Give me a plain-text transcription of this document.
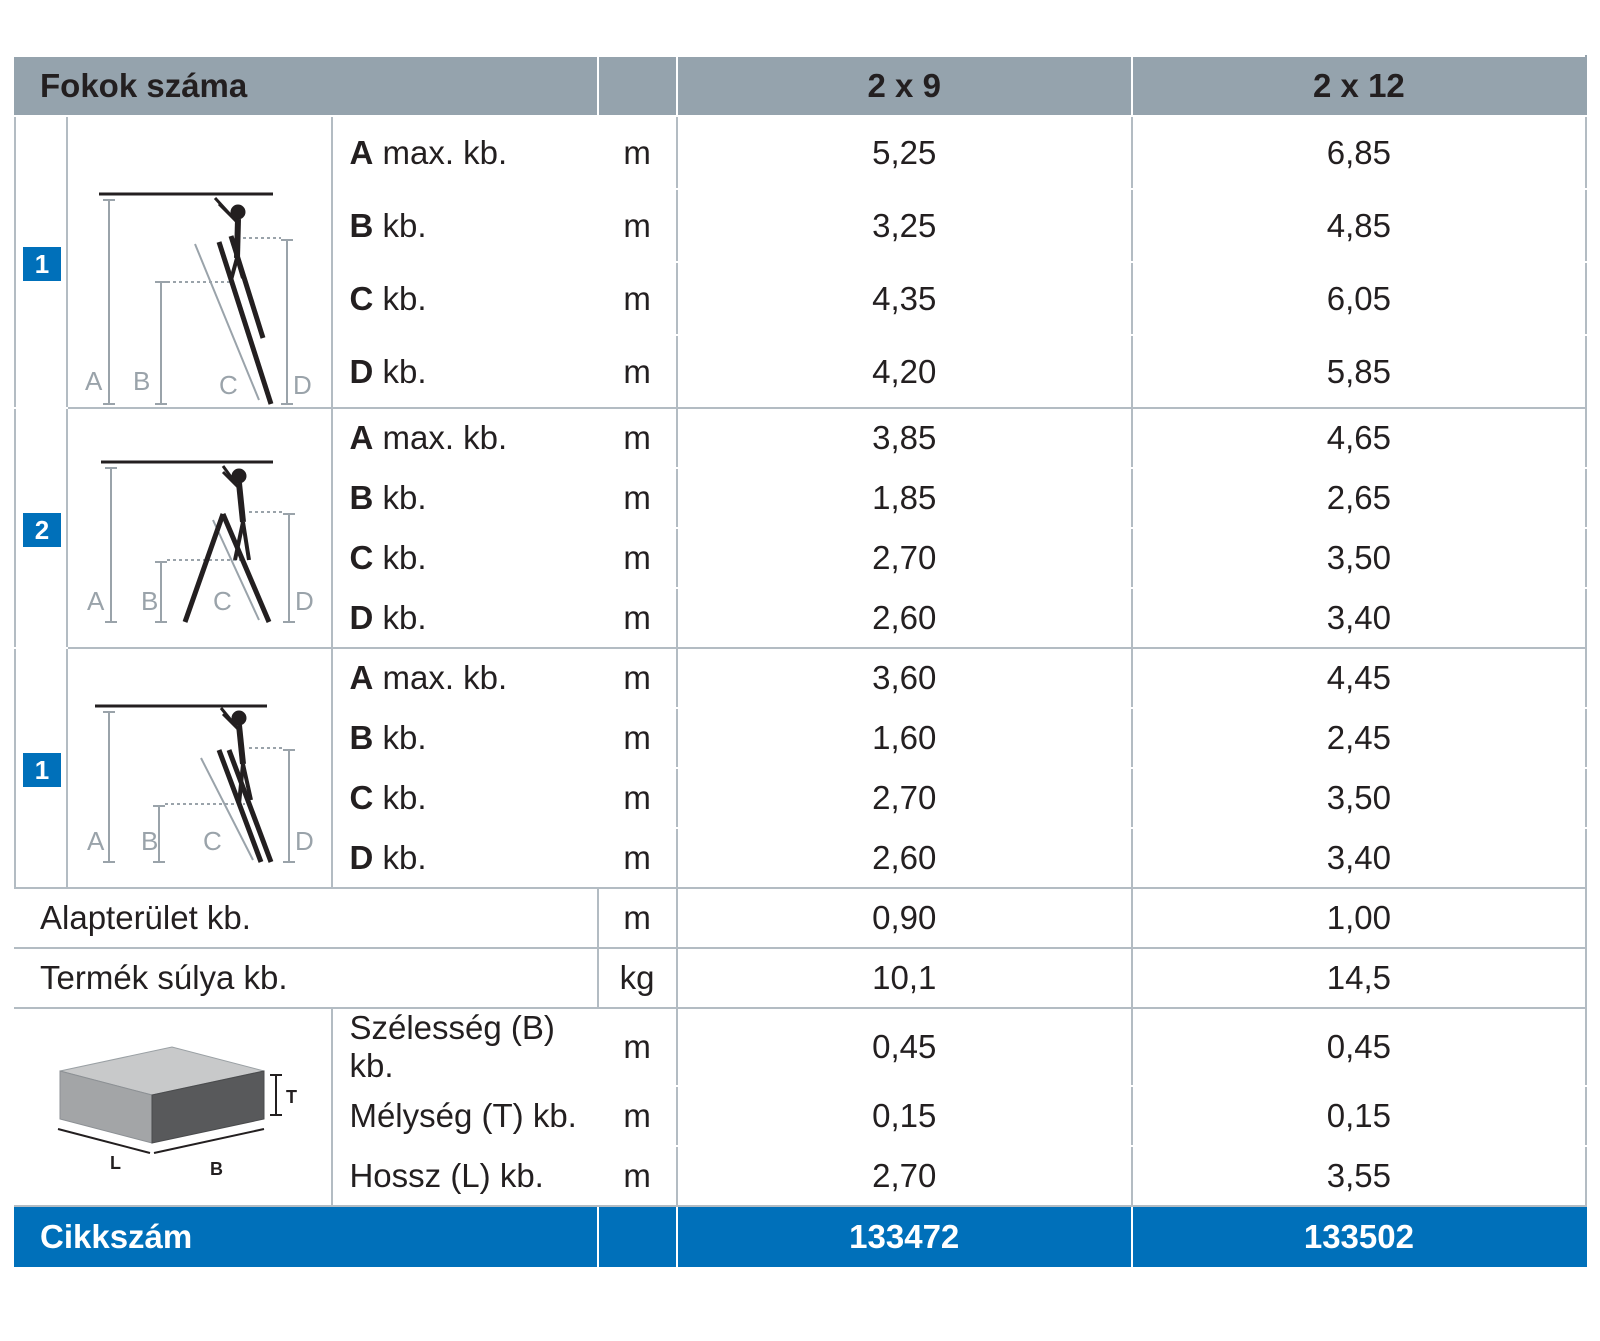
Fokok száma				2 x 9	2 x 12
1	A B C D	A max. kb.	m	5,25	6,85
		B kb.	m	3,25	4,85
		C kb.	m	4,35	6,05
		D kb.	m	4,20	5,85
2	A B C D	A max. kb.	m	3,85	4,65
		B kb.	m	1,85	2,65
		C kb.	m	2,70	3,50
		D kb.	m	2,60	3,40
1	A B C D	A max. kb.	m	3,60	4,45
		B kb.	m	1,60	2,45
		C kb.	m	2,70	3,50
		D kb.	m	2,60	3,40
Alapterület kb.			m	0,90	1,00
Termék súlya kb.			kg	10,1	14,5

T
L B		Szélesség (B) kb.	m	0,45	0,45
		Mélység (T) kb.	m	0,15	0,15
		Hossz (L) kb.	m	2,70	3,55
Cikkszám				133472	133502
